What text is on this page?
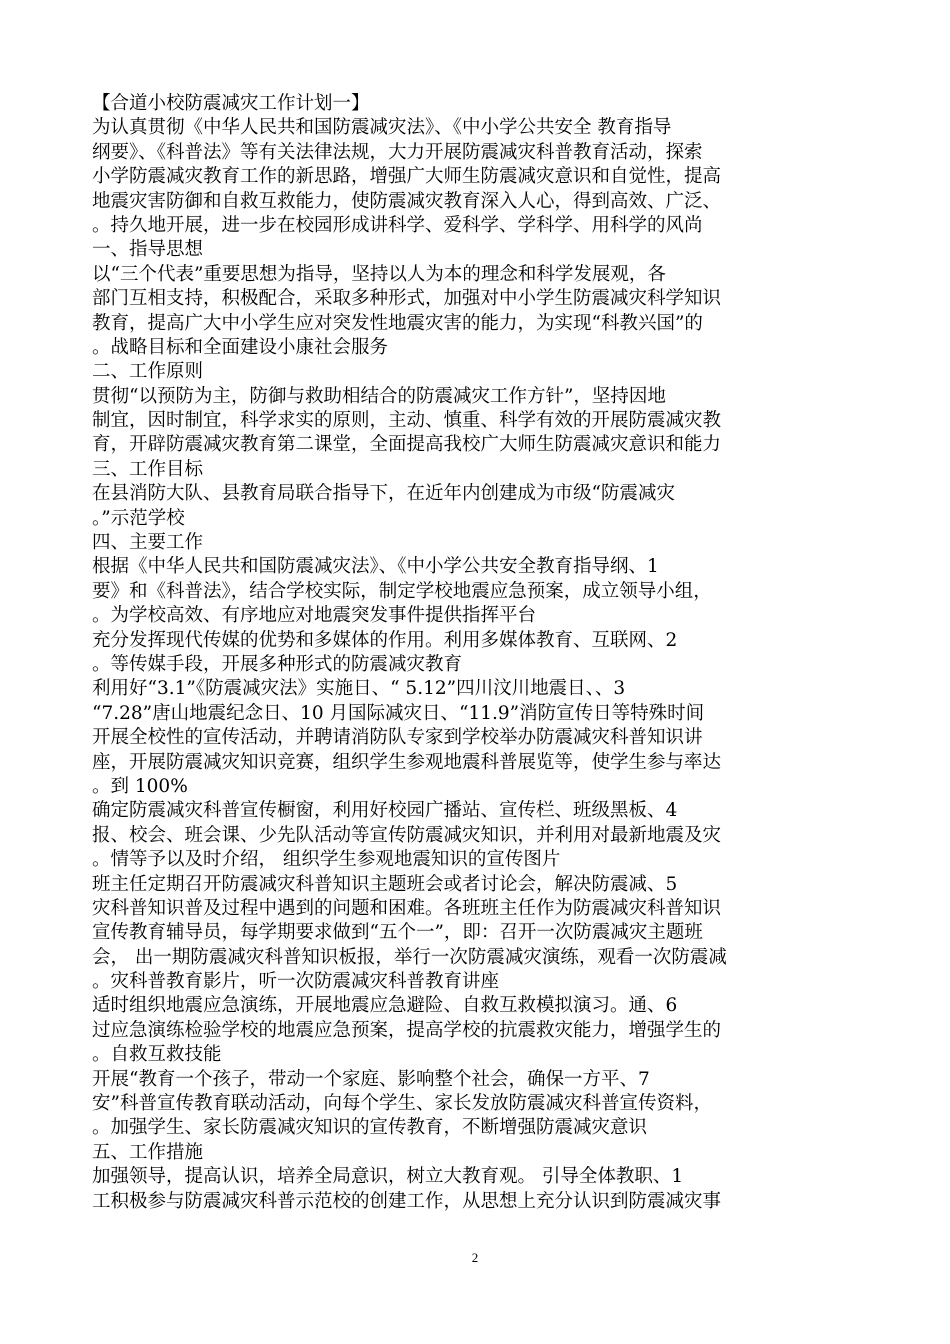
【合道小校防震减灾工作计划一】
为认真贯彻《中华人民共和国防震减灾法》、《中小学公共安全 教育指导
纲要》、《科普法》等有关法律法规，大力开展防震减灾科普教育活动，探索
小学防震减灾教育工作的新思路，增强广大师生防震减灾意识和自觉性，提高
地震灾害防御和自救互救能力，使防震减灾教育深入人心，得到高效、广泛、
。持久地开展，进一步在校园形成讲科学、爱科学、学科学、用科学的风尚
一、指导思想
以“三个代表”重要思想为指导，坚持以人为本的理念和科学发展观，各
部门互相支持，积极配合，采取多种形式，加强对中小学生防震减灾科学知识
教育，提高广大中小学生应对突发性地震灾害的能力，为实现“科教兴国”的
。战略目标和全面建设小康社会服务
二、工作原则
贯彻“以预防为主，防御与救助相结合的防震减灾工作方针”，坚持因地
制宜，因时制宜，科学求实的原则，主动、慎重、科学有效的开展防震减灾教
育，开辟防震减灾教育第二课堂，全面提高我校广大师生防震减灾意识和能力
三、工作目标
在县消防大队、县教育局联合指导下，在近年内创建成为市级“防震减灾
。”示范学校
四、主要工作
根据《中华人民共和国防震减灾法》、《中小学公共安全教育指导纲、1
要》和《科普法》，结合学校实际，制定学校地震应急预案，成立领导小组，
。为学校高效、有序地应对地震突发事件提供指挥平台
充分发挥现代传媒的优势和多媒体的作用。利用多媒体教育、互联网、2
。等传媒手段，开展多种形式的防震减灾教育
利用好“3.1”《防震减灾法》实施日、“ 5.12”四川汶川地震日、、3
“7.28”唐山地震纪念日、10 月国际减灾日、“11.9”消防宣传日等特殊时间
开展全校性的宣传活动，并聘请消防队专家到学校举办防震减灾科普知识讲
座，开展防震减灾知识竞赛，组织学生参观地震科普展览等，使学生参与率达
。到 100%
确定防震减灾科普宣传橱窗，利用好校园广播站、宣传栏、班级黑板、4
报、校会、班会课、少先队活动等宣传防震减灾知识，并利用对最新地震及灾
。情等予以及时介绍， 组织学生参观地震知识的宣传图片
班主任定期召开防震减灾科普知识主题班会或者讨论会，解决防震减、5
灾科普知识普及过程中遇到的问题和困难。各班班主任作为防震减灾科普知识
宣传教育辅导员，每学期要求做到“五个一”，即：召开一次防震减灾主题班
会， 出一期防震减灾科普知识板报，举行一次防震减灾演练，观看一次防震减
。灾科普教育影片，听一次防震减灾科普教育讲座
适时组织地震应急演练，开展地震应急避险、自救互救模拟演习。通、6
过应急演练检验学校的地震应急预案，提高学校的抗震救灾能力，增强学生的
。自救互救技能
开展“教育一个孩子，带动一个家庭、影响整个社会，确保一方平、7
安”科普宣传教育联动活动，向每个学生、家长发放防震减灾科普宣传资料，
。加强学生、家长防震减灾知识的宣传教育，不断增强防震减灾意识
五、工作措施
加强领导，提高认识，培养全局意识，树立大教育观。 引导全体教职、1
工积极参与防震减灾科普示范校的创建工作，从思想上充分认识到防震减灾事
2
